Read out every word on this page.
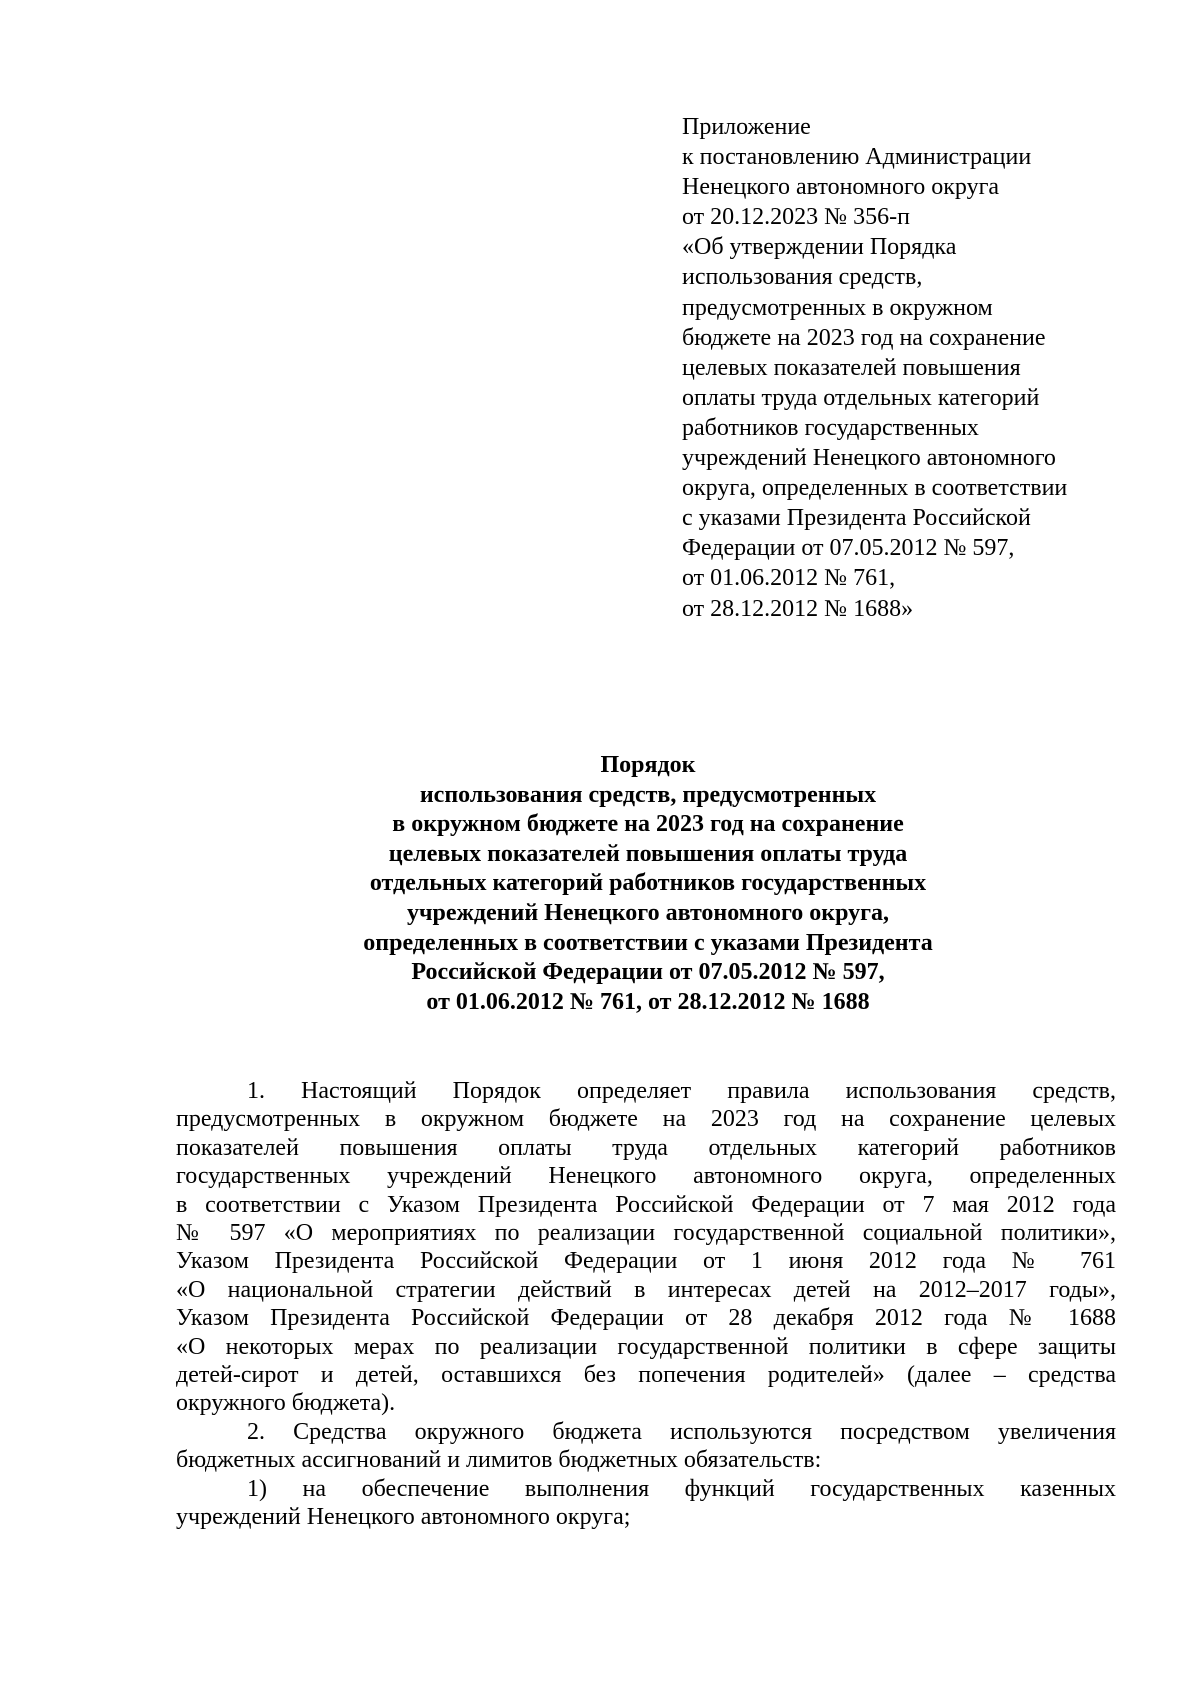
Приложение
к постановлению Администрации
Ненецкого автономного округа
от 20.12.2023 № 356-п
«Об утверждении Порядка
использования средств,
предусмотренных в окружном
бюджете на 2023 год на сохранение
целевых показателей повышения
оплаты труда отдельных категорий
работников государственных
учреждений Ненецкого автономного
округа, определенных в соответствии
с указами Президента Российской
Федерации от 07.05.2012 № 597,
от 01.06.2012 № 761,
от 28.12.2012 № 1688»
Порядок
использования средств, предусмотренных
в окружном бюджете на 2023 год на сохранение
целевых показателей повышения оплаты труда
отдельных категорий работников государственных
учреждений Ненецкого автономного округа,
определенных в соответствии с указами Президента
Российской Федерации от 07.05.2012 № 597,
от 01.06.2012 № 761, от 28.12.2012 № 1688
1. Настоящий Порядок определяет правила использования средств,
предусмотренных в окружном бюджете на 2023 год на сохранение целевых
показателей повышения оплаты труда отдельных категорий работников
государственных учреждений Ненецкого автономного округа, определенных
в соответствии с Указом Президента Российской Федерации от 7 мая 2012 года
№ 597 «О мероприятиях по реализации государственной социальной политики»,
Указом Президента Российской Федерации от 1 июня 2012 года № 761
«О национальной стратегии действий в интересах детей на 2012–2017 годы»,
Указом Президента Российской Федерации от 28 декабря 2012 года № 1688
«О некоторых мерах по реализации государственной политики в сфере защиты
детей-сирот и детей, оставшихся без попечения родителей» (далее – средства
окружного бюджета).
2. Средства окружного бюджета используются посредством увеличения
бюджетных ассигнований и лимитов бюджетных обязательств:
1) на обеспечение выполнения функций государственных казенных
учреждений Ненецкого автономного округа;
